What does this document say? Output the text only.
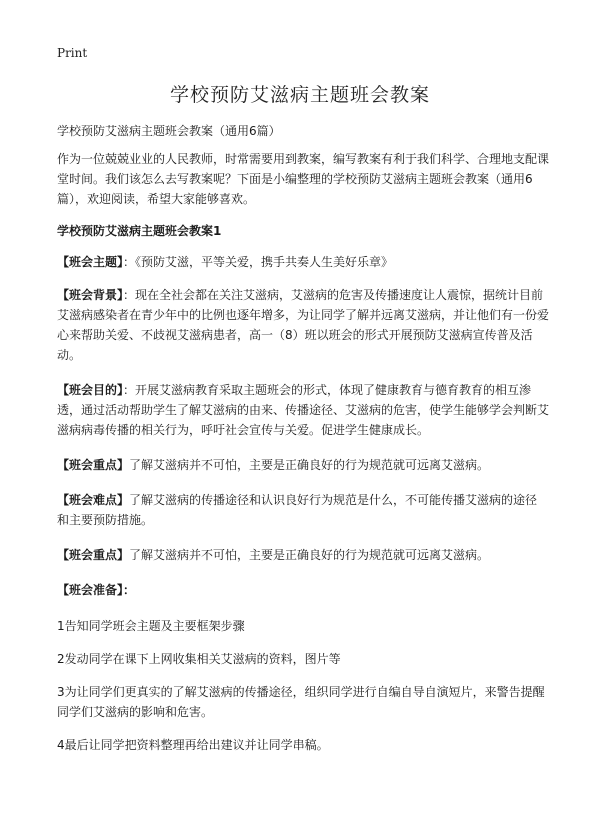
Print
学校预防艾滋病主题班会教案

学校预防艾滋病主题班会教案（通用6篇）

作为一位兢兢业业的人民教师，时常需要用到教案，编写教案有利于我们科学、合理地支配课堂时间。我们该怎么去写教案呢？下面是小编整理的学校预防艾滋病主题班会教案（通用6篇），欢迎阅读，希望大家能够喜欢。

学校预防艾滋病主题班会教案1

【班会主题】：《预防艾滋，平等关爱，携手共奏人生美好乐章》

【班会背景】：现在全社会都在关注艾滋病，艾滋病的危害及传播速度让人震惊，据统计目前艾滋病感染者在青少年中的比例也逐年增多，为让同学了解并远离艾滋病，并让他们有一份爱心来帮助关爱、不歧视艾滋病患者，高一（8）班以班会的形式开展预防艾滋病宣传普及活动。

【班会目的】：开展艾滋病教育采取主题班会的形式，体现了健康教育与德育教育的相互渗透，通过活动帮助学生了解艾滋病的由来、传播途径、艾滋病的危害，使学生能够学会判断艾滋病病毒传播的相关行为，呼吁社会宣传与关爱。促进学生健康成长。

【班会重点】了解艾滋病并不可怕，主要是正确良好的行为规范就可远离艾滋病。

【班会难点】了解艾滋病的传播途径和认识良好行为规范是什么，不可能传播艾滋病的途径和主要预防措施。

【班会重点】了解艾滋病并不可怕，主要是正确良好的行为规范就可远离艾滋病。

【班会准备】：

1告知同学班会主题及主要框架步骤

2发动同学在课下上网收集相关艾滋病的资料，图片等

3为让同学们更真实的了解艾滋病的传播途径，组织同学进行自编自导自演短片，来警告提醒同学们艾滋病的影响和危害。

4最后让同学把资料整理再给出建议并让同学串稿。
